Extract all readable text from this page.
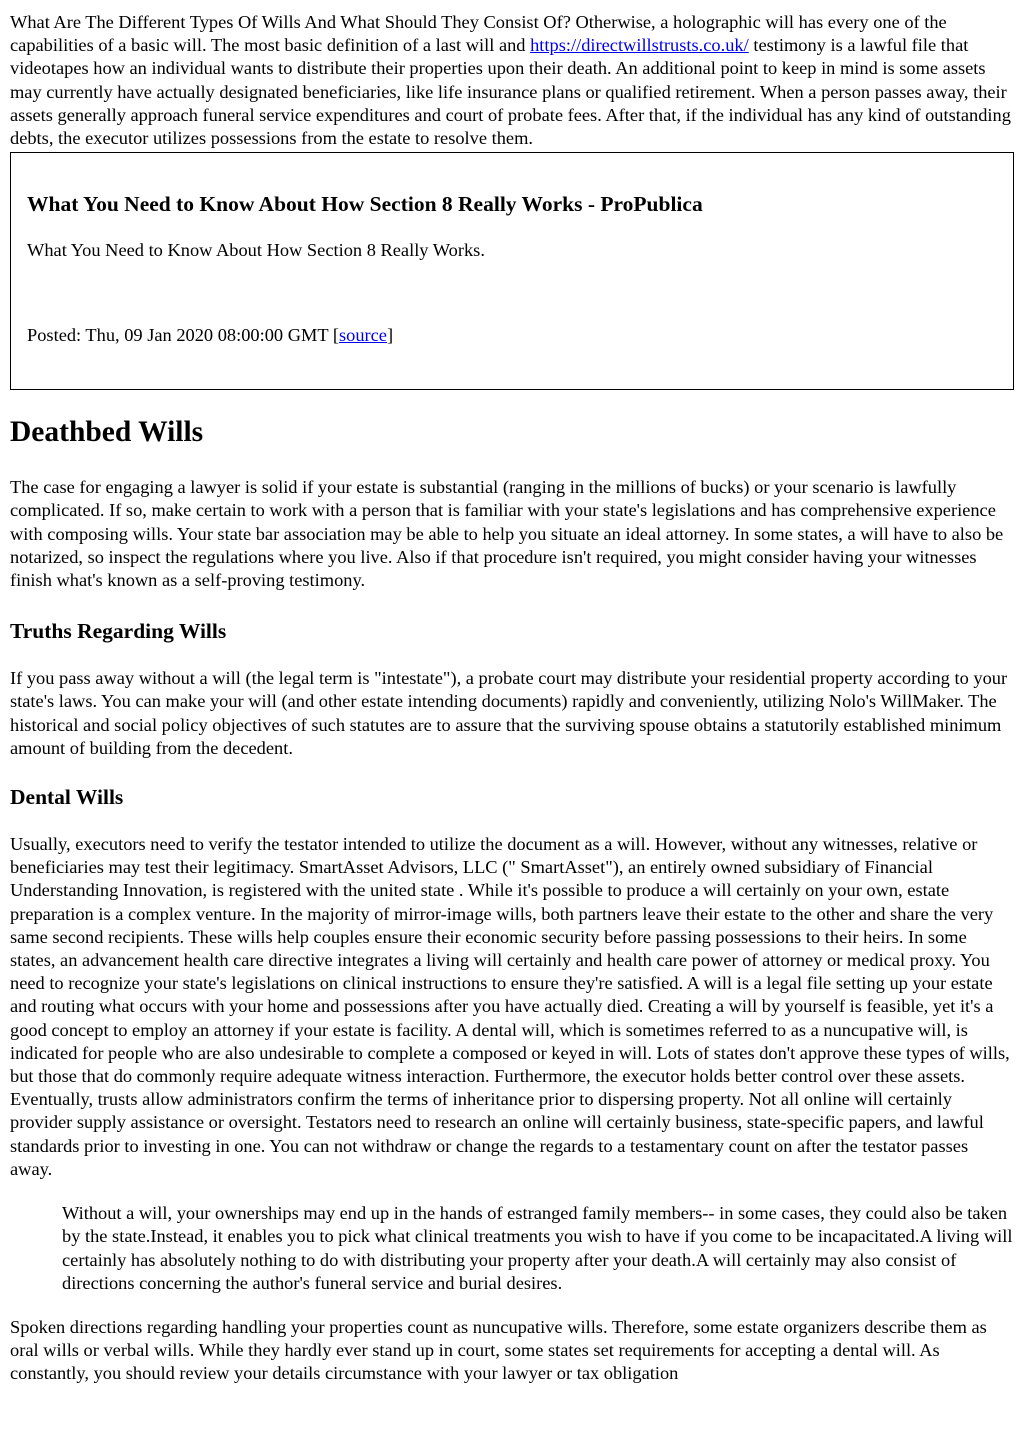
What Are The Different Types Of Wills And What Should They Consist Of? Otherwise, a holographic will has every one of the capabilities of a basic will. The most basic definition of a last will and https://directwillstrusts.co.uk/ testimony is a lawful file that videotapes how an individual wants to distribute their properties upon their death. An additional point to keep in mind is some assets may currently have actually designated beneficiaries, like life insurance plans or qualified retirement. When a person passes away, their assets generally approach funeral service expenditures and court of probate fees. After that, if the individual has any kind of outstanding debts, the executor utilizes possessions from the estate to resolve them.

What You Need to Know About How Section 8 Really Works - ProPublica

What You Need to Know About How Section 8 Really Works.

Posted: Thu, 09 Jan 2020 08:00:00 GMT [source]

Deathbed Wills

The case for engaging a lawyer is solid if your estate is substantial (ranging in the millions of bucks) or your scenario is lawfully complicated. If so, make certain to work with a person that is familiar with your state's legislations and has comprehensive experience with composing wills. Your state bar association may be able to help you situate an ideal attorney. In some states, a will have to also be notarized, so inspect the regulations where you live. Also if that procedure isn't required, you might consider having your witnesses finish what's known as a self-proving testimony.

Truths Regarding Wills

If you pass away without a will (the legal term is "intestate"), a probate court may distribute your residential property according to your state's laws. You can make your will (and other estate intending documents) rapidly and conveniently, utilizing Nolo's WillMaker. The historical and social policy objectives of such statutes are to assure that the surviving spouse obtains a statutorily established minimum amount of building from the decedent.

Dental Wills

Usually, executors need to verify the testator intended to utilize the document as a will. However, without any witnesses, relative or beneficiaries may test their legitimacy. SmartAsset Advisors, LLC (" SmartAsset"), an entirely owned subsidiary of Financial Understanding Innovation, is registered with the united state . While it's possible to produce a will certainly on your own, estate preparation is a complex venture. In the majority of mirror-image wills, both partners leave their estate to the other and share the very same second recipients. These wills help couples ensure their economic security before passing possessions to their heirs. In some states, an advancement health care directive integrates a living will certainly and health care power of attorney or medical proxy. You need to recognize your state's legislations on clinical instructions to ensure they're satisfied. A will is a legal file setting up your estate and routing what occurs with your home and possessions after you have actually died. Creating a will by yourself is feasible, yet it's a good concept to employ an attorney if your estate is facility. A dental will, which is sometimes referred to as a nuncupative will, is indicated for people who are also undesirable to complete a composed or keyed in will. Lots of states don't approve these types of wills, but those that do commonly require adequate witness interaction. Furthermore, the executor holds better control over these assets. Eventually, trusts allow administrators confirm the terms of inheritance prior to dispersing property. Not all online will certainly provider supply assistance or oversight. Testators need to research an online will certainly business, state-specific papers, and lawful standards prior to investing in one. You can not withdraw or change the regards to a testamentary count on after the testator passes away.

Without a will, your ownerships may end up in the hands of estranged family members-- in some cases, they could also be taken by the state.Instead, it enables you to pick what clinical treatments you wish to have if you come to be incapacitated.A living will certainly has absolutely nothing to do with distributing your property after your death.A will certainly may also consist of directions concerning the author's funeral service and burial desires.

Spoken directions regarding handling your properties count as nuncupative wills. Therefore, some estate organizers describe them as oral wills or verbal wills. While they hardly ever stand up in court, some states set requirements for accepting a dental will. As constantly, you should review your details circumstance with your lawyer or tax obligation
